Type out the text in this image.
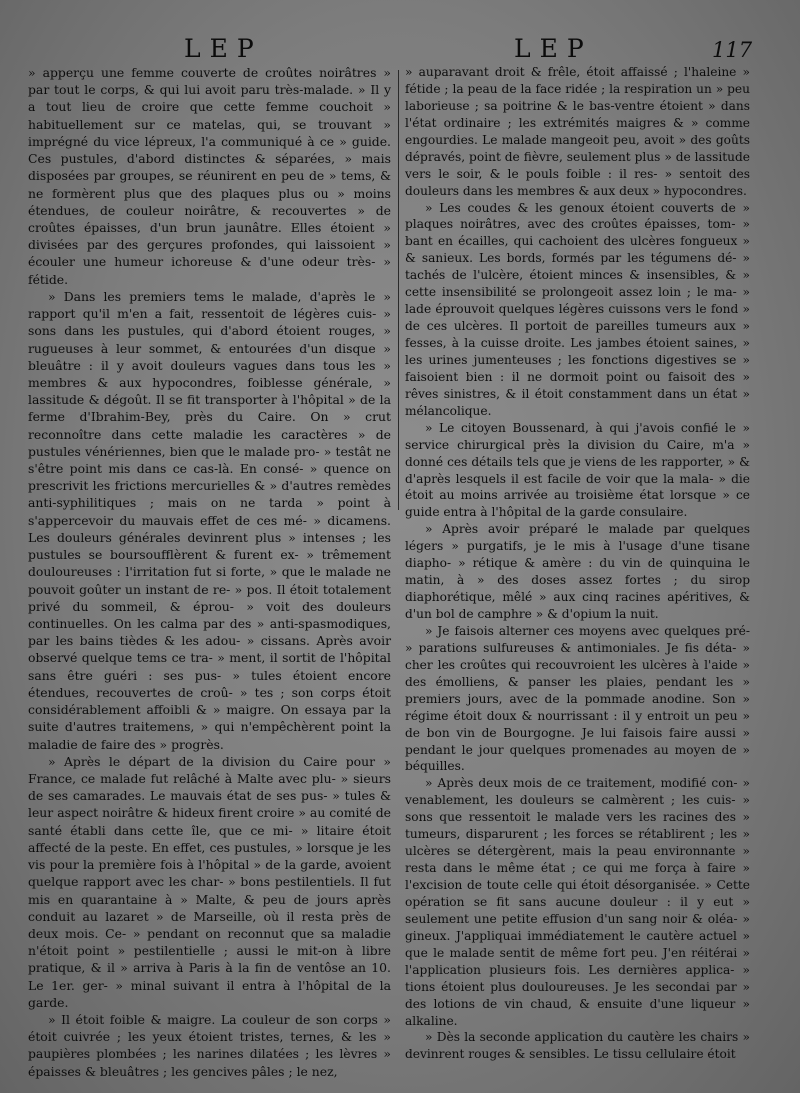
LEP	LEP	117

» apperçu une femme couverte de croûtes noirâtres » par tout le corps, & qui lui avoit paru très-malade. » Il y a tout lieu de croire que cette femme couchoit » habituellement sur ce matelas, qui, se trouvant » imprégné du vice lépreux, l'a communiqué à ce » guide. Ces pustules, d'abord distinctes & séparées, » mais disposées par groupes, se réunirent en peu de » tems, & ne formèrent plus que des plaques plus ou » moins étendues, de couleur noirâtre, & recouvertes » de croûtes épaisses, d'un brun jaunâtre. Elles étoient » divisées par des gerçures profondes, qui laissoient » écouler une humeur ichoreuse & d'une odeur très- » fétide.

» Dans les premiers tems le malade, d'après le » rapport qu'il m'en a fait, ressentoit de légères cuis- » sons dans les pustules, qui d'abord étoient rouges, » rugueuses à leur sommet, & entourées d'un disque » bleuâtre : il y avoit douleurs vagues dans tous les » membres & aux hypocondres, foiblesse générale, » lassitude & dégoût. Il se fit transporter à l'hôpital » de la ferme d'Ibrahim-Bey, près du Caire. On » crut reconnoître dans cette maladie les caractères » de pustules vénériennes, bien que le malade pro- » testât ne s'être point mis dans ce cas-là. En consé- » quence on prescrivit les frictions mercurielles & » d'autres remèdes anti-syphilitiques ; mais on ne tarda » point à s'appercevoir du mauvais effet de ces mé- » dicamens. Les douleurs générales devinrent plus » intenses ; les pustules se boursoufflèrent & furent ex- » trêmement douloureuses : l'irritation fut si forte, » que le malade ne pouvoit goûter un instant de re- » pos. Il étoit totalement privé du sommeil, & éprou- » voit des douleurs continuelles. On les calma par des » anti-spasmodiques, par les bains tièdes & les adou- » cissans. Après avoir observé quelque tems ce tra- » ment, il sortit de l'hôpital sans être guéri : ses pus- » tules étoient encore étendues, recouvertes de croû- » tes ; son corps étoit considérablement affoibli & » maigre. On essaya par la suite d'autres traitemens, » qui n'empêchèrent point la maladie de faire des » progrès.

» Après le départ de la division du Caire pour » France, ce malade fut relâché à Malte avec plu- » sieurs de ses camarades. Le mauvais état de ses pus- » tules & leur aspect noirâtre & hideux firent croire » au comité de santé établi dans cette île, que ce mi- » litaire étoit affecté de la peste. En effet, ces pustules, » lorsque je les vis pour la première fois à l'hôpital » de la garde, avoient quelque rapport avec les char- » bons pestilentiels. Il fut mis en quarantaine à » Malte, & peu de jours après conduit au lazaret » de Marseille, où il resta près de deux mois. Ce- » pendant on reconnut que sa maladie n'étoit point » pestilentielle ; aussi le mit-on à libre pratique, & il » arriva à Paris à la fin de ventôse an 10. Le 1er. ger- » minal suivant il entra à l'hôpital de la garde.

» Il étoit foible & maigre. La couleur de son corps » étoit cuivrée ; les yeux étoient tristes, ternes, & les » paupières plombées ; les narines dilatées ; les lèvres » épaisses & bleuâtres ; les gencives pâles ; le nez,

» auparavant droit & frêle, étoit affaissé ; l'haleine » fétide ; la peau de la face ridée ; la respiration un » peu laborieuse ; sa poitrine & le bas-ventre étoient » dans l'état ordinaire ; les extrémités maigres & » comme engourdies. Le malade mangeoit peu, avoit » des goûts dépravés, point de fièvre, seulement plus » de lassitude vers le soir, & le pouls foible : il res- » sentoit des douleurs dans les membres & aux deux » hypocondres.

» Les coudes & les genoux étoient couverts de » plaques noirâtres, avec des croûtes épaisses, tom- » bant en écailles, qui cachoient des ulcères fongueux » & sanieux. Les bords, formés par les tégumens dé- » tachés de l'ulcère, étoient minces & insensibles, & » cette insensibilité se prolongeoit assez loin ; le ma- » lade éprouvoit quelques légères cuissons vers le fond » de ces ulcères. Il portoit de pareilles tumeurs aux » fesses, à la cuisse droite. Les jambes étoient saines, » les urines jumenteuses ; les fonctions digestives se » faisoient bien : il ne dormoit point ou faisoit des » rêves sinistres, & il étoit constamment dans un état » mélancolique.

» Le citoyen Boussenard, à qui j'avois confié le » service chirurgical près la division du Caire, m'a » donné ces détails tels que je viens de les rapporter, » & d'après lesquels il est facile de voir que la mala- » die étoit au moins arrivée au troisième état lorsque » ce guide entra à l'hôpital de la garde consulaire.

» Après avoir préparé le malade par quelques légers » purgatifs, je le mis à l'usage d'une tisane diapho- » rétique & amère : du vin de quinquina le matin, à » des doses assez fortes ; du sirop diaphorétique, mêlé » aux cinq racines apéritives, & d'un bol de camphre » & d'opium la nuit.

» Je faisois alterner ces moyens avec quelques pré- » parations sulfureuses & antimoniales. Je fis déta- » cher les croûtes qui recouvroient les ulcères à l'aide » des émolliens, & panser les plaies, pendant les » premiers jours, avec de la pommade anodine. Son » régime étoit doux & nourrissant : il y entroit un peu » de bon vin de Bourgogne. Je lui faisois faire aussi » pendant le jour quelques promenades au moyen de » béquilles.

» Après deux mois de ce traitement, modifié con- » venablement, les douleurs se calmèrent ; les cuis- » sons que ressentoit le malade vers les racines des » tumeurs, disparurent ; les forces se rétablirent ; les » ulcères se détergèrent, mais la peau environnante » resta dans le même état ; ce qui me força à faire » l'excision de toute celle qui étoit désorganisée. » Cette opération se fit sans aucune douleur : il y eut » seulement une petite effusion d'un sang noir & oléa- » gineux. J'appliquai immédiatement le cautère actuel » que le malade sentit de même fort peu. J'en réitérai » l'application plusieurs fois. Les dernières applica- » tions étoient plus douloureuses. Je les secondai par » des lotions de vin chaud, & ensuite d'une liqueur » alkaline.

» Dès la seconde application du cautère les chairs » devinrent rouges & sensibles. Le tissu cellulaire étoit
